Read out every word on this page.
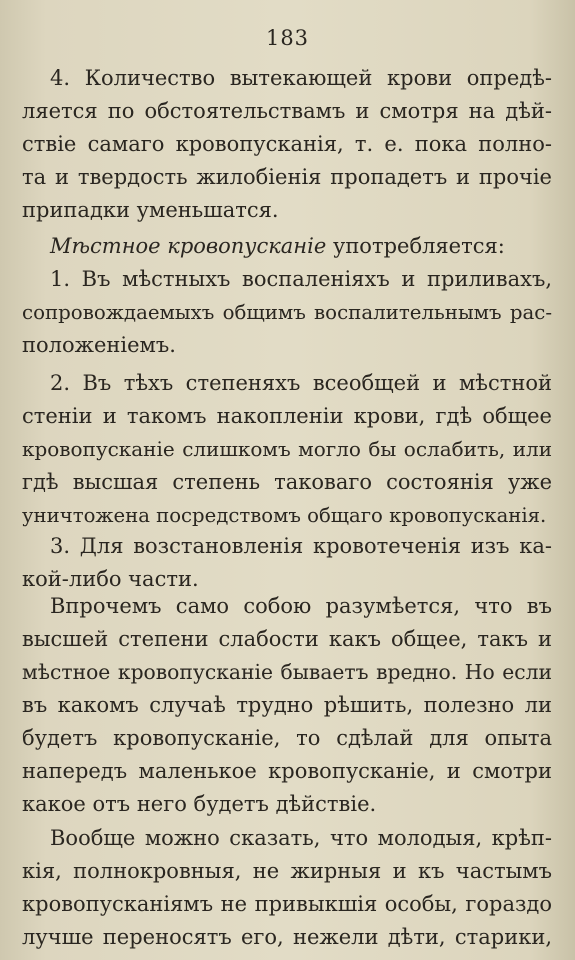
183
4. Количество вытекающей крови опредѣ-
ляется по обстоятельствамъ и смотря на дѣй-
ствіе самаго кровопусканія, т. е. пока полно-
та и твердость жилобіенія пропадетъ и прочіе
припадки уменьшатся.
Мѣстное кровопусканіе употребляется:
1. Въ мѣстныхъ воспаленіяхъ и приливахъ,
сопровождаемыхъ общимъ воспалительнымъ рас-
положеніемъ.
2. Въ тѣхъ степеняхъ всеобщей и мѣстной
стеніи и такомъ накопленіи крови, гдѣ общее
кровопусканіе слишкомъ могло бы ослабить, или
гдѣ высшая степень таковаго состоянія уже
уничтожена посредствомъ общаго кровопусканія.
3. Для возстановленія кровотеченія изъ ка-
кой-либо части.
Впрочемъ само собою разумѣется, что въ
высшей степени слабости какъ общее, такъ и
мѣстное кровопусканіе бываетъ вредно. Но если
въ какомъ случаѣ трудно рѣшить, полезно ли
будетъ кровопусканіе, то сдѣлай для опыта
напередъ маленькое кровопусканіе, и смотри
какое отъ него будетъ дѣйствіе.
Вообще можно сказать, что молодыя, крѣп-
кія, полнокровныя, не жирныя и къ частымъ
кровопусканіямъ не привыкшія особы, гораздо
лучше переносятъ его, нежели дѣти, старики,
